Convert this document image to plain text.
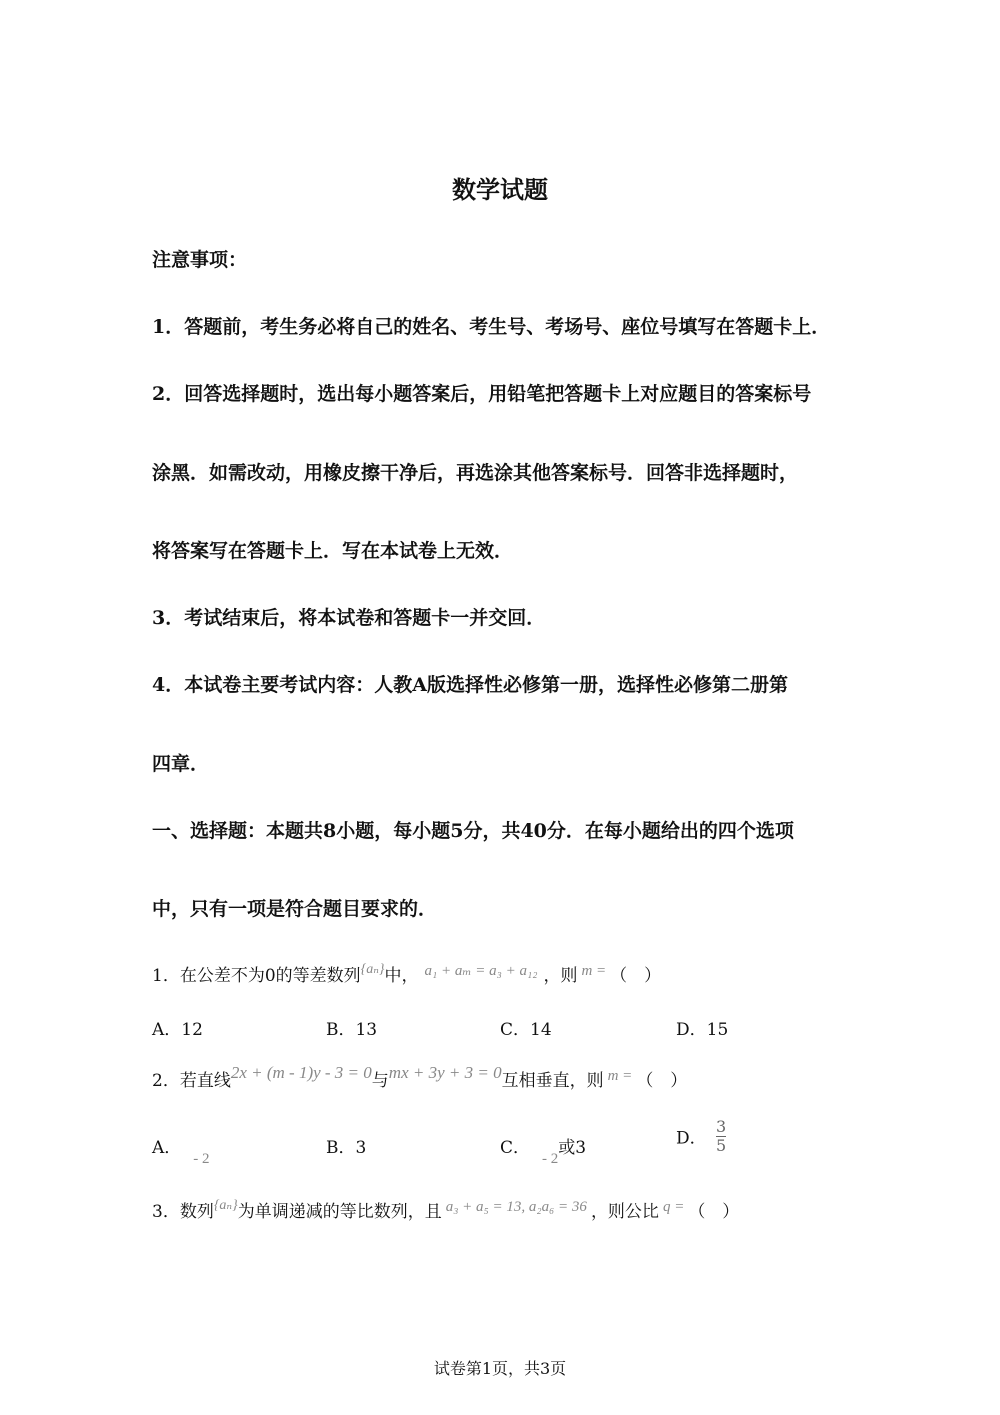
数学试题
注意事项：
1．答题前，考生务必将自己的姓名、考生号、考场号、座位号填写在答题卡上．
2．回答选择题时，选出每小题答案后，用铅笔把答题卡上对应题目的答案标号
涂黑．如需改动，用橡皮擦干净后，再选涂其他答案标号．回答非选择题时，
将答案写在答题卡上．写在本试卷上无效．
3．考试结束后，将本试卷和答题卡一并交回．
4．本试卷主要考试内容：人教A版选择性必修第一册，选择性必修第二册第
四章．
一、选择题：本题共8小题，每小题5分，共40分．在每小题给出的四个选项
中，只有一项是符合题目要求的．
1．在公差不为0的等差数列$^{\{a_n\}}$中， a₁ + aₘ = a₃ + a₁₂ ，则 m = （　）
A．12	B．13	C．14	D．15
2．若直线2x + (m - 1)y - 3 = 0与mx + 3y + 3 = 0互相垂直，则 m = （　）
A．- 2
B．3	C．- 2或3	D． $\frac{3}{5}$
3．数列$^{\{a_n\}}$为单调递减的等比数列，且 a₃ + a₅ = 13, a₂a₆ = 36 ，则公比 q = （　）
试卷第1页，共3页
